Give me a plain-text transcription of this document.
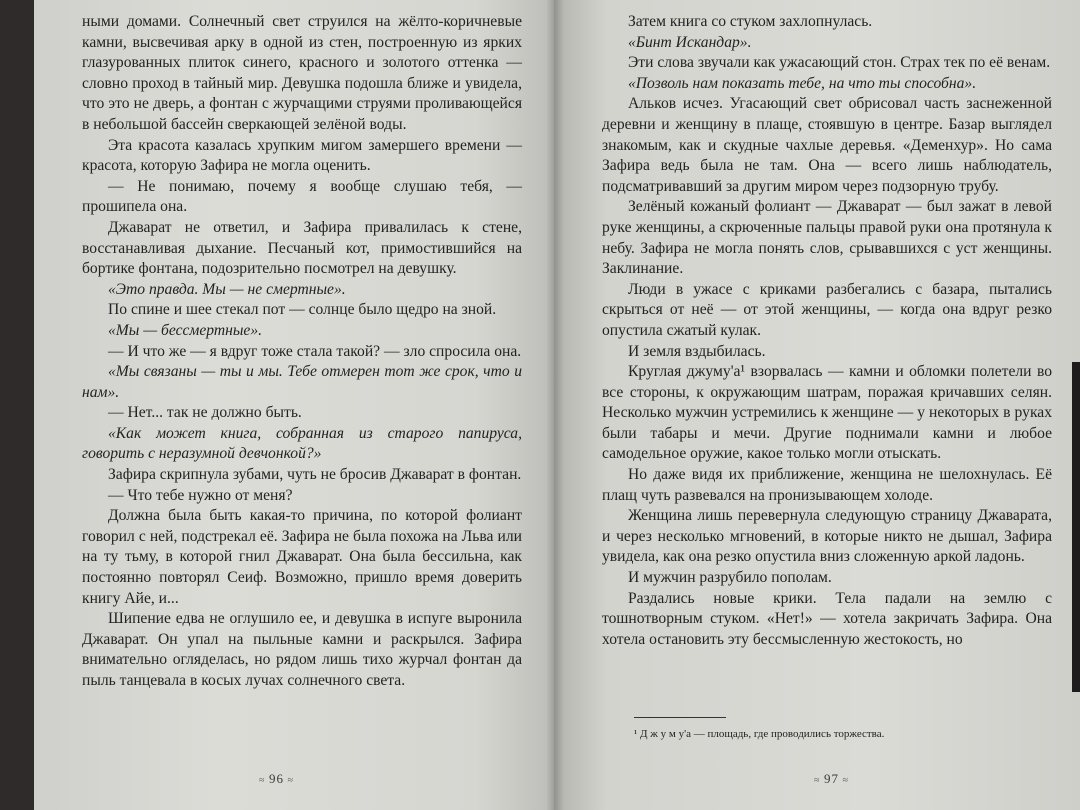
ными домами. Солнечный свет струился на жёлто-коричневые камни, высвечивая арку в одной из стен, построенную из ярких глазурованных плиток синего, красного и золотого оттенка — словно проход в тайный мир. Девушка подошла ближе и увидела, что это не дверь, а фонтан с журчащими струями проливающейся в небольшой бассейн сверкающей зелёной воды.

Эта красота казалась хрупким мигом замершего времени — красота, которую Зафира не могла оценить.

— Не понимаю, почему я вообще слушаю тебя, — прошипела она.

Джаварат не ответил, и Зафира привалилась к стене, восстанавливая дыхание. Песчаный кот, примостившийся на бортике фонтана, подозрительно посмотрел на девушку.

«Это правда. Мы — не смертные».

По спине и шее стекал пот — солнце было щедро на зной.

«Мы — бессмертные».

— И что же — я вдруг тоже стала такой? — зло спросила она.

«Мы связаны — ты и мы. Тебе отмерен тот же срок, что и нам».

— Нет... так не должно быть.

«Как может книга, собранная из старого папируса, говорить с неразумной девчонкой?»

Зафира скрипнула зубами, чуть не бросив Джаварат в фонтан.

— Что тебе нужно от меня?

Должна была быть какая-то причина, по которой фолиант говорил с ней, подстрекал её. Зафира не была похожа на Льва или на ту тьму, в которой гнил Джаварат. Она была бессильна, как постоянно повторял Сеиф. Возможно, пришло время доверить книгу Айе, и...

Шипение едва не оглушило ее, и девушка в испуге выронила Джаварат. Он упал на пыльные камни и раскрылся. Зафира внимательно огляделась, но рядом лишь тихо журчал фонтан да пыль танцевала в косых лучах солнечного света.

≈ 96 ≈

Затем книга со стуком захлопнулась.

«Бинт Искандар».

Эти слова звучали как ужасающий стон. Страх тек по её венам.

«Позволь нам показать тебе, на что ты способна».

Альков исчез. Угасающий свет обрисовал часть заснеженной деревни и женщину в плаще, стоявшую в центре. Базар выглядел знакомым, как и скудные чахлые деревья. «Деменхур». Но сама Зафира ведь была не там. Она — всего лишь наблюдатель, подсматривавший за другим миром через подзорную трубу.

Зелёный кожаный фолиант — Джаварат — был зажат в левой руке женщины, а скрюченные пальцы правой руки она протянула к небу. Зафира не могла понять слов, срывавшихся с уст женщины. Заклинание.

Люди в ужасе с криками разбегались с базара, пытались скрыться от неё — от этой женщины, — когда она вдруг резко опустила сжатый кулак.

И земля вздыбилась.

Круглая джуму'а¹ взорвалась — камни и обломки полетели во все стороны, к окружающим шатрам, поражая кричавших селян. Несколько мужчин устремились к женщине — у некоторых в руках были табары и мечи. Другие поднимали камни и любое самодельное оружие, какое только могли отыскать.

Но даже видя их приближение, женщина не шелохнулась. Её плащ чуть развевался на пронизывающем холоде.

Женщина лишь перевернула следующую страницу Джаварата, и через несколько мгновений, в которые никто не дышал, Зафира увидела, как она резко опустила вниз сложенную аркой ладонь.

И мужчин разрубило пополам.

Раздались новые крики. Тела падали на землю с тошнотворным стуком. «Нет!» — хотела закричать Зафира. Она хотела остановить эту бессмысленную жестокость, но

¹ Д ж у м у'а — площадь, где проводились торжества.
≈ 97 ≈
